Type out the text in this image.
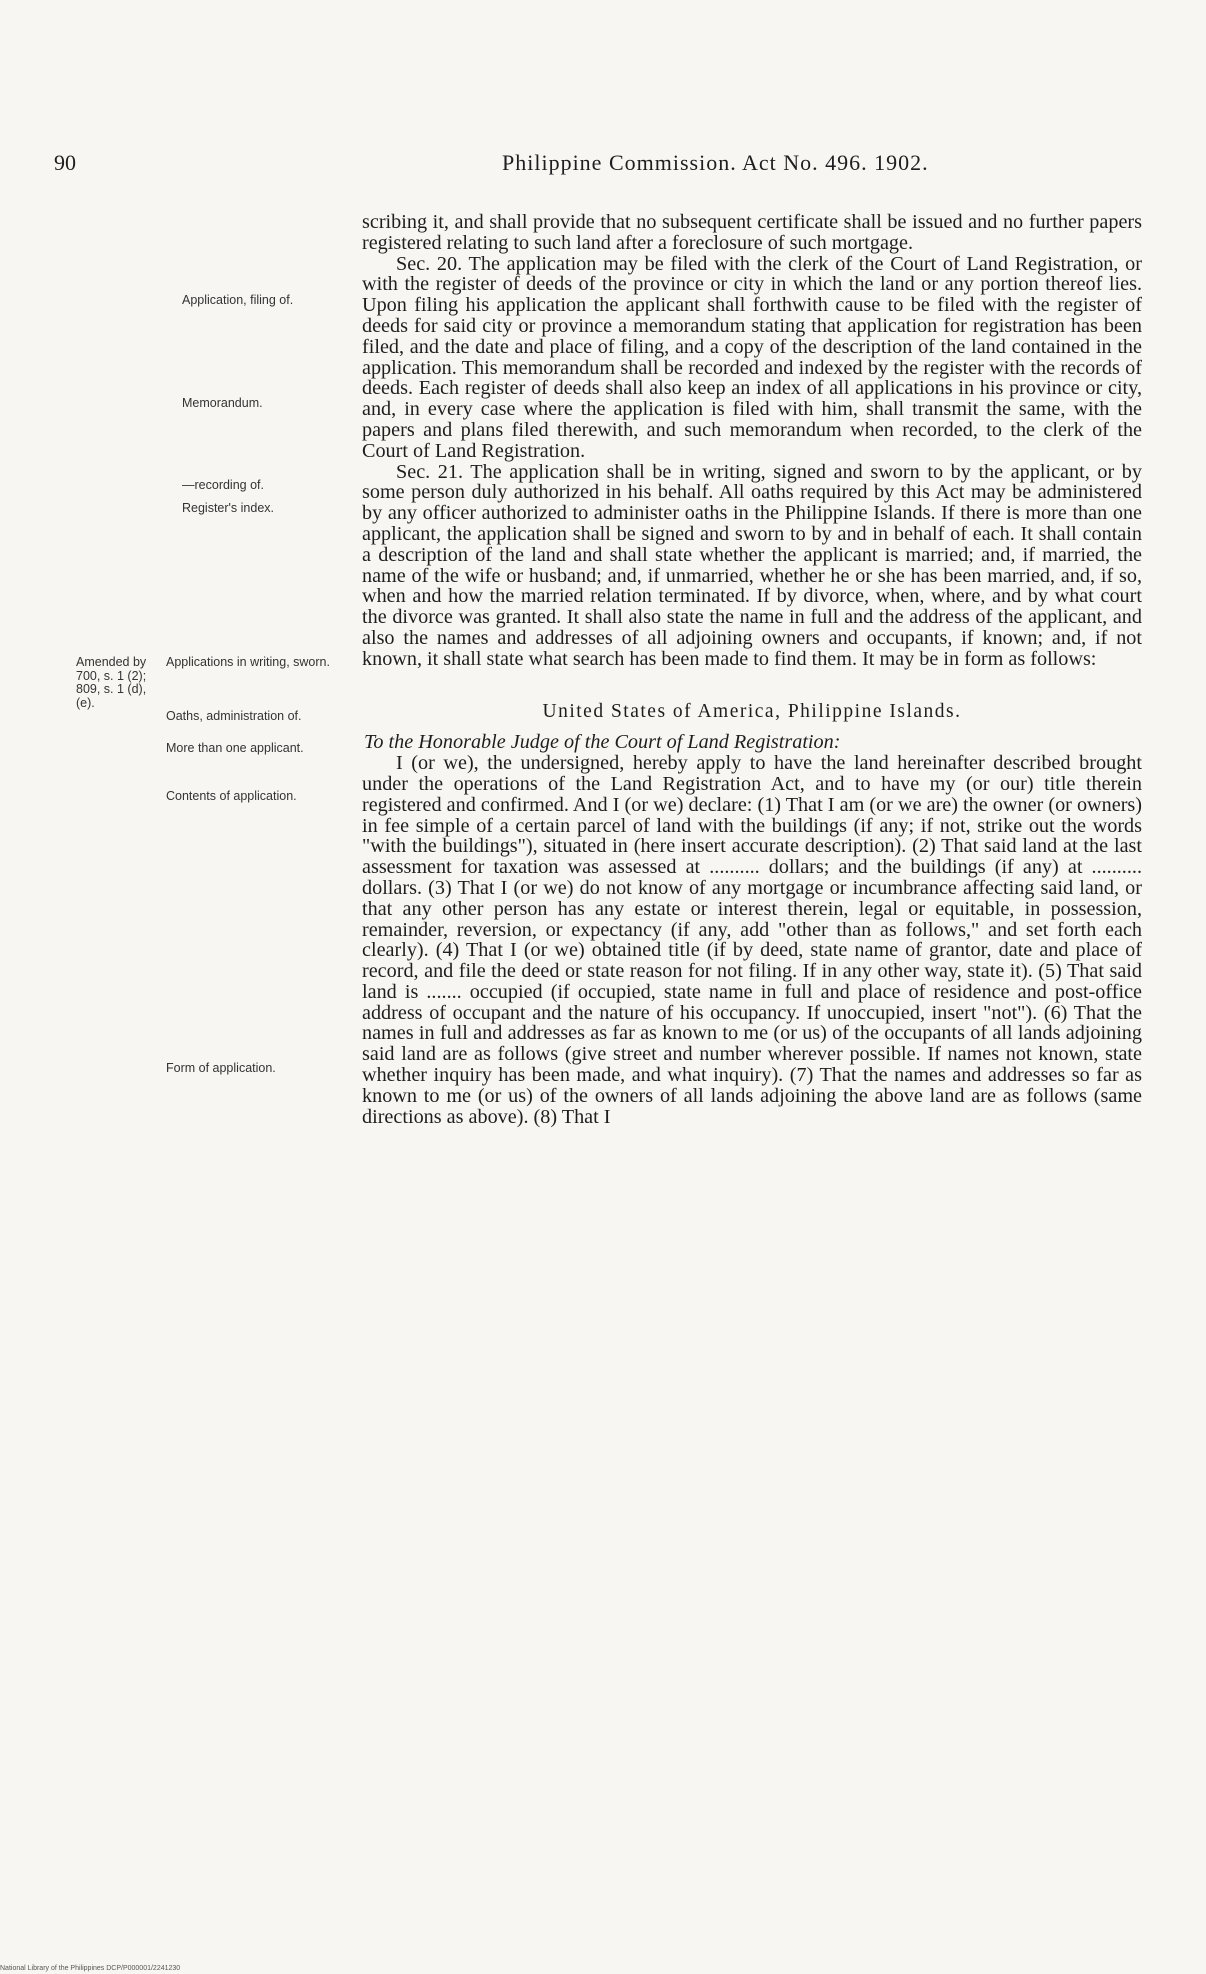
90	Philippine Commission. Act No. 496. 1902.
Application, filing of.
Memorandum.
—recording of.
Register's index.
Amended by 700, s. 1 (2); 809, s. 1 (d), (e).
Applications in writing, sworn.
Oaths, administration of.
More than one applicant.
Contents of application.
Form of application.

scribing it, and shall provide that no subsequent certificate shall be issued and no further papers registered relating to such land after a foreclosure of such mortgage.

Sec. 20. The application may be filed with the clerk of the Court of Land Registration, or with the register of deeds of the province or city in which the land or any portion thereof lies. Upon filing his application the applicant shall forthwith cause to be filed with the register of deeds for said city or province a memorandum stating that application for registration has been filed, and the date and place of filing, and a copy of the description of the land contained in the application. This memorandum shall be recorded and indexed by the register with the records of deeds. Each register of deeds shall also keep an index of all applications in his province or city, and, in every case where the application is filed with him, shall transmit the same, with the papers and plans filed therewith, and such memorandum when recorded, to the clerk of the Court of Land Registration.

Sec. 21. The application shall be in writing, signed and sworn to by the applicant, or by some person duly authorized in his behalf. All oaths required by this Act may be administered by any officer authorized to administer oaths in the Philippine Islands. If there is more than one applicant, the application shall be signed and sworn to by and in behalf of each. It shall contain a description of the land and shall state whether the applicant is married; and, if married, the name of the wife or husband; and, if unmarried, whether he or she has been married, and, if so, when and how the married relation terminated. If by divorce, when, where, and by what court the divorce was granted. It shall also state the name in full and the address of the applicant, and also the names and addresses of all adjoining owners and occupants, if known; and, if not known, it shall state what search has been made to find them. It may be in form as follows:

United States of America, Philippine Islands.

To the Honorable Judge of the Court of Land Registration:

I (or we), the undersigned, hereby apply to have the land hereinafter described brought under the operations of the Land Registration Act, and to have my (or our) title therein registered and confirmed. And I (or we) declare: (1) That I am (or we are) the owner (or owners) in fee simple of a certain parcel of land with the buildings (if any; if not, strike out the words "with the buildings"), situated in (here insert accurate description). (2) That said land at the last assessment for taxation was assessed at .......... dollars; and the buildings (if any) at .......... dollars. (3) That I (or we) do not know of any mortgage or incumbrance affecting said land, or that any other person has any estate or interest therein, legal or equitable, in possession, remainder, reversion, or expectancy (if any, add "other than as follows," and set forth each clearly). (4) That I (or we) obtained title (if by deed, state name of grantor, date and place of record, and file the deed or state reason for not filing. If in any other way, state it). (5) That said land is ....... occupied (if occupied, state name in full and place of residence and post-office address of occupant and the nature of his occupancy. If unoccupied, insert "not"). (6) That the names in full and addresses as far as known to me (or us) of the occupants of all lands adjoining said land are as follows (give street and number wherever possible. If names not known, state whether inquiry has been made, and what inquiry). (7) That the names and addresses so far as known to me (or us) of the owners of all lands adjoining the above land are as follows (same directions as above). (8) That I

National Library of the Philippines DCP/P000001/2241230
